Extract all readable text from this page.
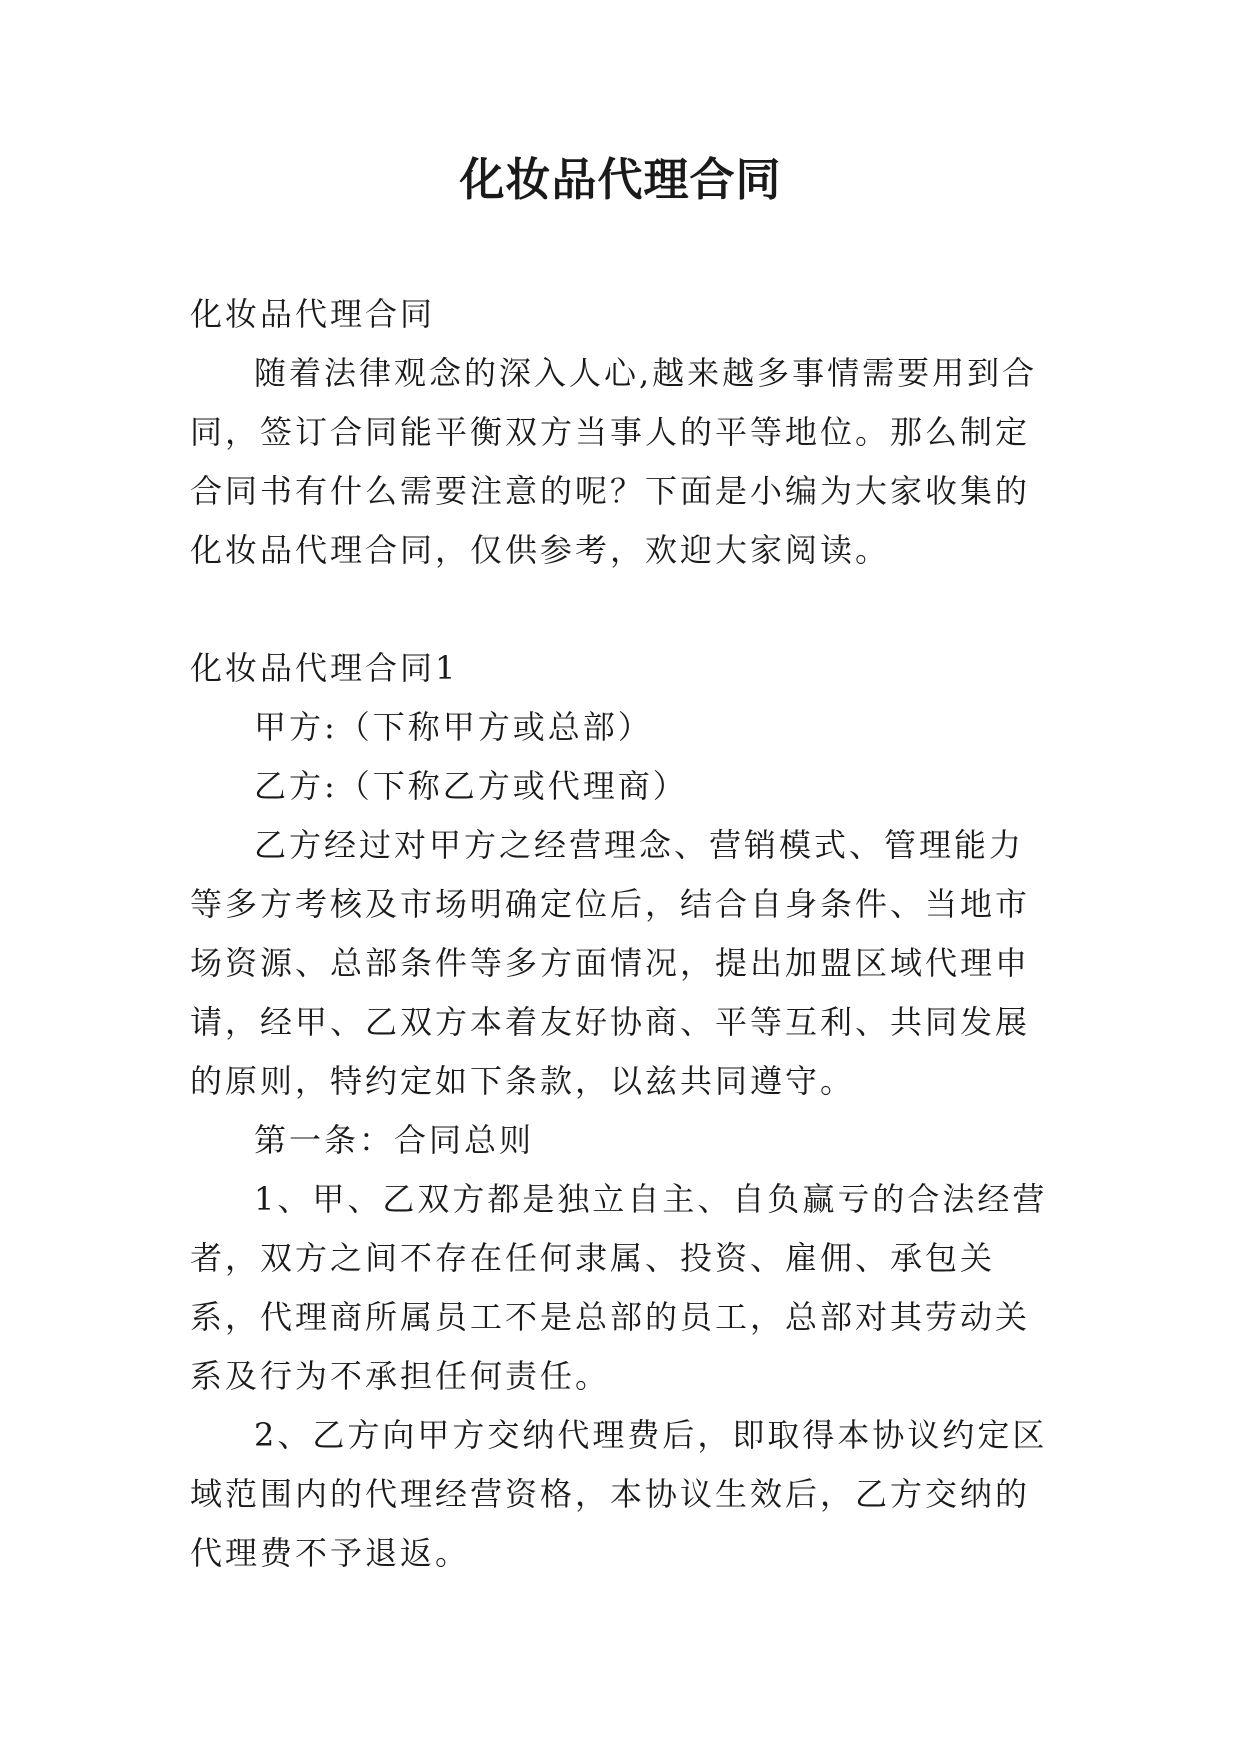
化妆品代理合同

化妆品代理合同

随着法律观念的深入人心,越来越多事情需要用到合同，签订合同能平衡双方当事人的平等地位。那么制定合同书有什么需要注意的呢？下面是小编为大家收集的化妆品代理合同，仅供参考，欢迎大家阅读。

化妆品代理合同1

甲方:（下称甲方或总部）

乙方:（下称乙方或代理商）

乙方经过对甲方之经营理念、营销模式、管理能力等多方考核及市场明确定位后，结合自身条件、当地市场资源、总部条件等多方面情况，提出加盟区域代理申请，经甲、乙双方本着友好协商、平等互利、共同发展的原则，特约定如下条款，以兹共同遵守。

第一条：合同总则

1、甲、乙双方都是独立自主、自负赢亏的合法经营者，双方之间不存在任何隶属、投资、雇佣、承包关系，代理商所属员工不是总部的员工，总部对其劳动关系及行为不承担任何责任。

2、乙方向甲方交纳代理费后，即取得本协议约定区域范围内的代理经营资格，本协议生效后，乙方交纳的代理费不予退返。
